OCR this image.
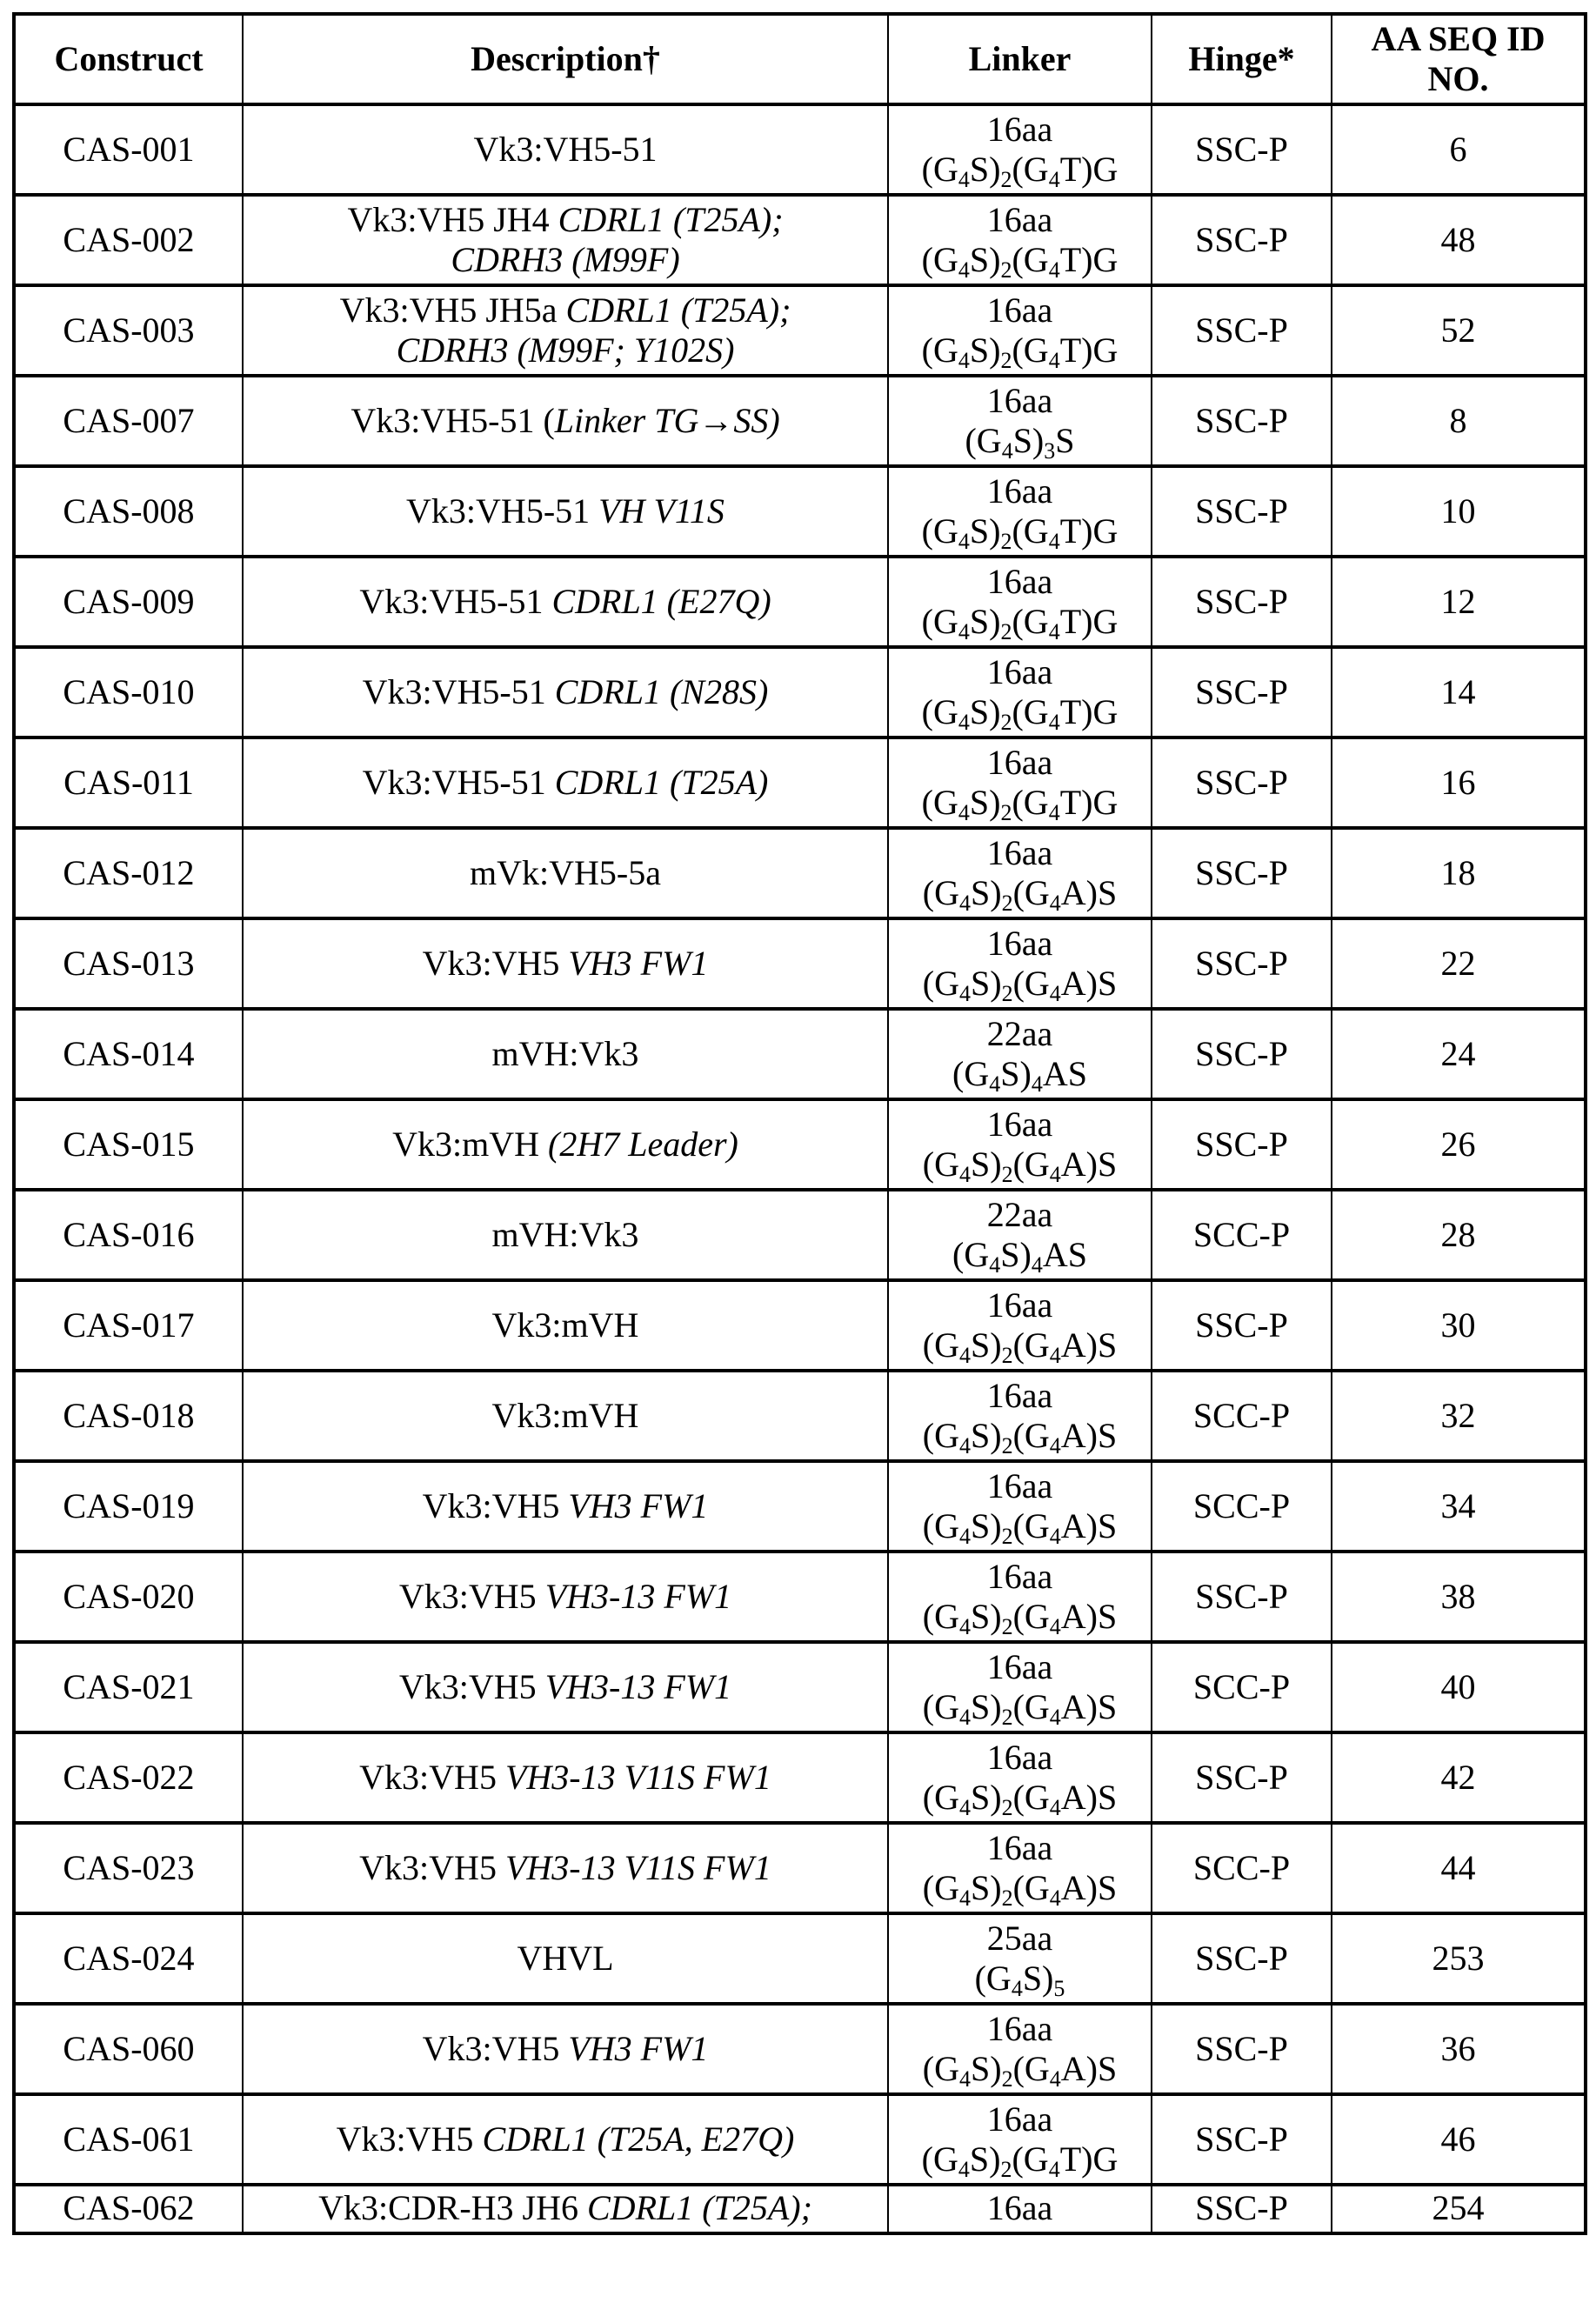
Construct	Description†	Linker	Hinge*	AA SEQ ID NO.
CAS-001	Vk3:VH5-51	
16aa
(G4S)2(G4T)G
	SSC-P	6
CAS-002	Vk3:VH5 JH4 CDRL1 (T25A);
CDRH3 (M99F)	
16aa
(G4S)2(G4T)G
	SSC-P	48
CAS-003	Vk3:VH5 JH5a CDRL1 (T25A);
CDRH3 (M99F; Y102S)	
16aa
(G4S)2(G4T)G
	SSC-P	52
CAS-007	Vk3:VH5-51 (Linker TG→SS)	
16aa
(G4S)3S
	SSC-P	8
CAS-008	Vk3:VH5-51 VH V11S	
16aa
(G4S)2(G4T)G
	SSC-P	10
CAS-009	Vk3:VH5-51 CDRL1 (E27Q)	
16aa
(G4S)2(G4T)G
	SSC-P	12
CAS-010	Vk3:VH5-51 CDRL1 (N28S)	
16aa
(G4S)2(G4T)G
	SSC-P	14
CAS-011	Vk3:VH5-51 CDRL1 (T25A)	
16aa
(G4S)2(G4T)G
	SSC-P	16
CAS-012	mVk:VH5-5a	
16aa
(G4S)2(G4A)S
	SSC-P	18
CAS-013	Vk3:VH5 VH3 FW1	
16aa
(G4S)2(G4A)S
	SSC-P	22
CAS-014	mVH:Vk3	
22aa
(G4S)4AS
	SSC-P	24
CAS-015	Vk3:mVH (2H7 Leader)	
16aa
(G4S)2(G4A)S
	SSC-P	26
CAS-016	mVH:Vk3	
22aa
(G4S)4AS
	SCC-P	28
CAS-017	Vk3:mVH	
16aa
(G4S)2(G4A)S
	SSC-P	30
CAS-018	Vk3:mVH	
16aa
(G4S)2(G4A)S
	SCC-P	32
CAS-019	Vk3:VH5 VH3 FW1	
16aa
(G4S)2(G4A)S
	SCC-P	34
CAS-020	Vk3:VH5 VH3-13 FW1	
16aa
(G4S)2(G4A)S
	SSC-P	38
CAS-021	Vk3:VH5 VH3-13 FW1	
16aa
(G4S)2(G4A)S
	SCC-P	40
CAS-022	Vk3:VH5 VH3-13 V11S FW1	
16aa
(G4S)2(G4A)S
	SSC-P	42
CAS-023	Vk3:VH5 VH3-13 V11S FW1	
16aa
(G4S)2(G4A)S
	SCC-P	44
CAS-024	VHVL	
25aa
(G4S)5
	SSC-P	253
CAS-060	Vk3:VH5 VH3 FW1	
16aa
(G4S)2(G4A)S
	SSC-P	36
CAS-061	Vk3:VH5 CDRL1 (T25A, E27Q)	
16aa
(G4S)2(G4T)G
	SSC-P	46
CAS-062	Vk3:CDR-H3 JH6 CDRL1 (T25A);	16aa	SSC-P	254
